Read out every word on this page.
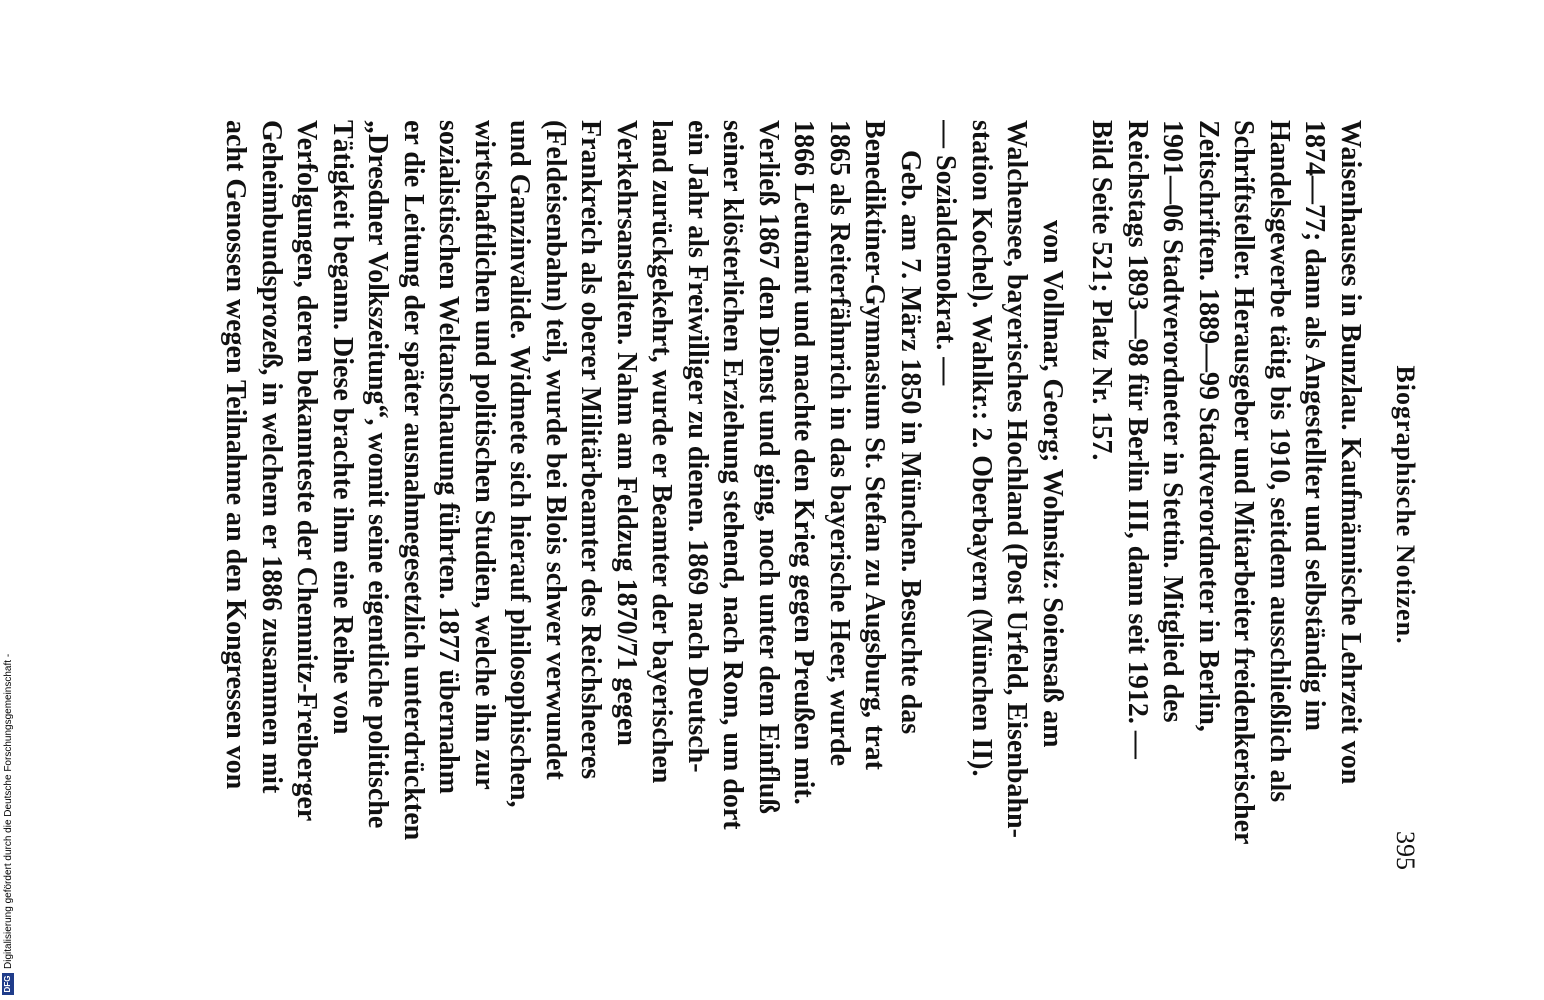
Biographische Notizen.
395
Waisenhauses in Bunzlau. Kaufmännische Lehrzeit von
1874—77; dann als Angestellter und selbständig im
Handelsgewerbe tätig bis 1910, seitdem ausschließlich als
Schriftsteller. Herausgeber und Mitarbeiter freidenkerischer
Zeitschriften. 1889—99 Stadtverordneter in Berlin,
1901—06 Stadtverordneter in Stettin. Mitglied des
Reichstags 1893—98 für Berlin III, dann seit 1912. —
Bild Seite 521; Platz Nr. 157.
von Vollmar, Georg; Wohnsitz: Soiensaß am
Walchensee, bayerisches Hochland (Post Urfeld, Eisenbahn-
station Kochel). Wahlkr.: 2. Oberbayern (München II).
— Sozialdemokrat. —
Geb. am 7. März 1850 in München. Besuchte das
Benediktiner-Gymnasium St. Stefan zu Augsburg, trat
1865 als Reiterfähnrich in das bayerische Heer, wurde
1866 Leutnant und machte den Krieg gegen Preußen mit.
Verließ 1867 den Dienst und ging, noch unter dem Einfluß
seiner klösterlichen Erziehung stehend, nach Rom, um dort
ein Jahr als Freiwilliger zu dienen. 1869 nach Deutsch-
land zurückgekehrt, wurde er Beamter der bayerischen
Verkehrsanstalten. Nahm am Feldzug 1870/71 gegen
Frankreich als oberer Militärbeamter des Reichsheeres
(Feldeisenbahn) teil, wurde bei Blois schwer verwundet
und Ganzinvalide. Widmete sich hierauf philosophischen,
wirtschaftlichen und politischen Studien, welche ihn zur
sozialistischen Weltanschauung führten. 1877 übernahm
er die Leitung der später ausnahmegesetzlich unterdrückten
„Dresdner Volkszeitung“, womit seine eigentliche politische
Tätigkeit begann. Diese brachte ihm eine Reihe von
Verfolgungen, deren bekannteste der Chemnitz-Freiberger
Geheimbundsprozeß, in welchem er 1886 zusammen mit
acht Genossen wegen Teilnahme an den Kongressen von
DFG
Digitalisierung gefördert durch die Deutsche Forschungsgemeinschaft -
